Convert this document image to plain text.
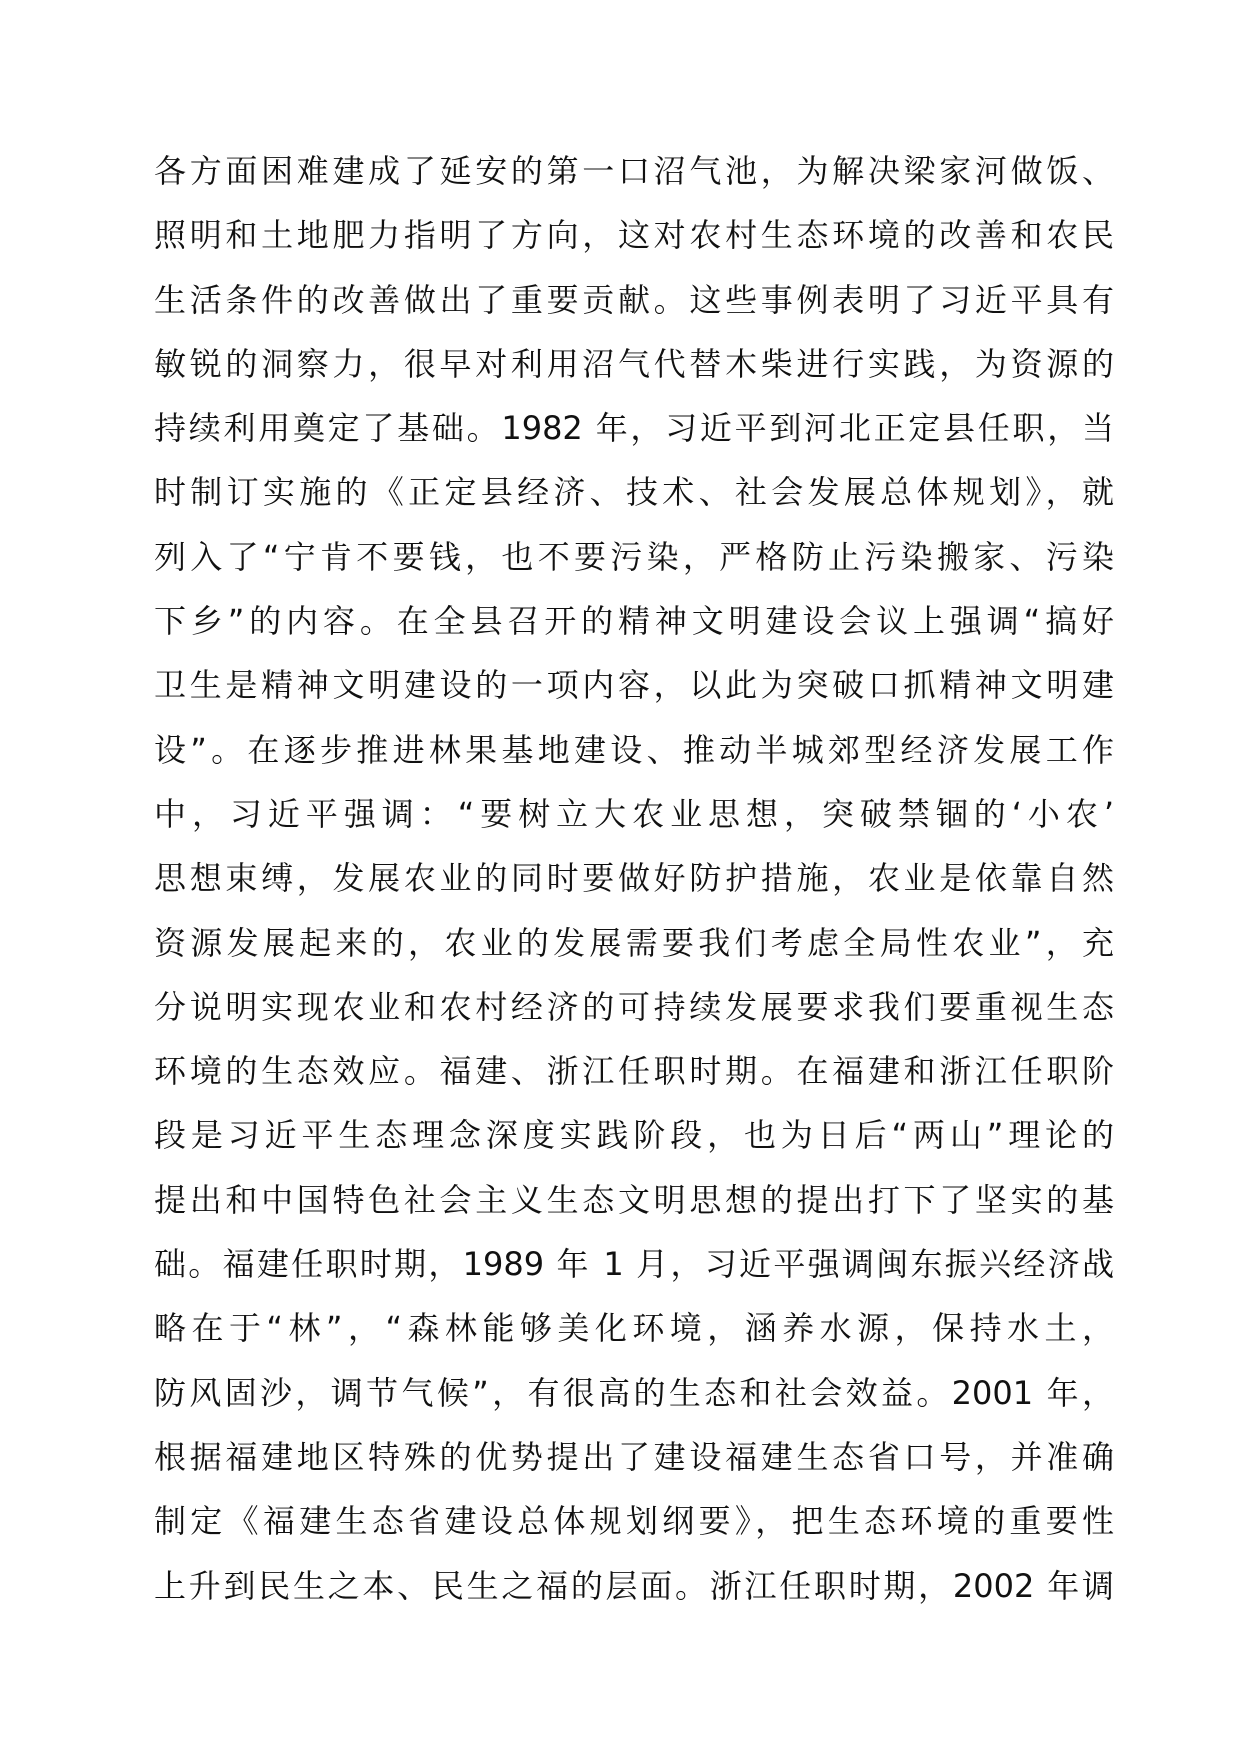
各方面困难建成了延安的第一口沼气池，为解决梁家河做饭、
照明和土地肥力指明了方向，这对农村生态环境的改善和农民
生活条件的改善做出了重要贡献。这些事例表明了习近平具有
敏锐的洞察力，很早对利用沼气代替木柴进行实践，为资源的
持续利用奠定了基础。1982 年，习近平到河北正定县任职，当
时制订实施的《正定县经济、技术、社会发展总体规划》，就
列入了“宁肯不要钱，也不要污染，严格防止污染搬家、污染
下乡”的内容。在全县召开的精神文明建设会议上强调“搞好
卫生是精神文明建设的一项内容，以此为突破口抓精神文明建
设”。在逐步推进林果基地建设、推动半城郊型经济发展工作
中，习近平强调：“要树立大农业思想，突破禁锢的‘小农’
思想束缚，发展农业的同时要做好防护措施，农业是依靠自然
资源发展起来的，农业的发展需要我们考虑全局性农业”，充
分说明实现农业和农村经济的可持续发展要求我们要重视生态
环境的生态效应。福建、浙江任职时期。在福建和浙江任职阶
段是习近平生态理念深度实践阶段，也为日后“两山”理论的
提出和中国特色社会主义生态文明思想的提出打下了坚实的基
础。福建任职时期，1989 年 1 月，习近平强调闽东振兴经济战
略在于“林”，“森林能够美化环境，涵养水源，保持水土，
防风固沙，调节气候”，有很高的生态和社会效益。2001 年，
根据福建地区特殊的优势提出了建设福建生态省口号，并准确
制定《福建生态省建设总体规划纲要》，把生态环境的重要性
上升到民生之本、民生之福的层面。浙江任职时期，2002 年调
